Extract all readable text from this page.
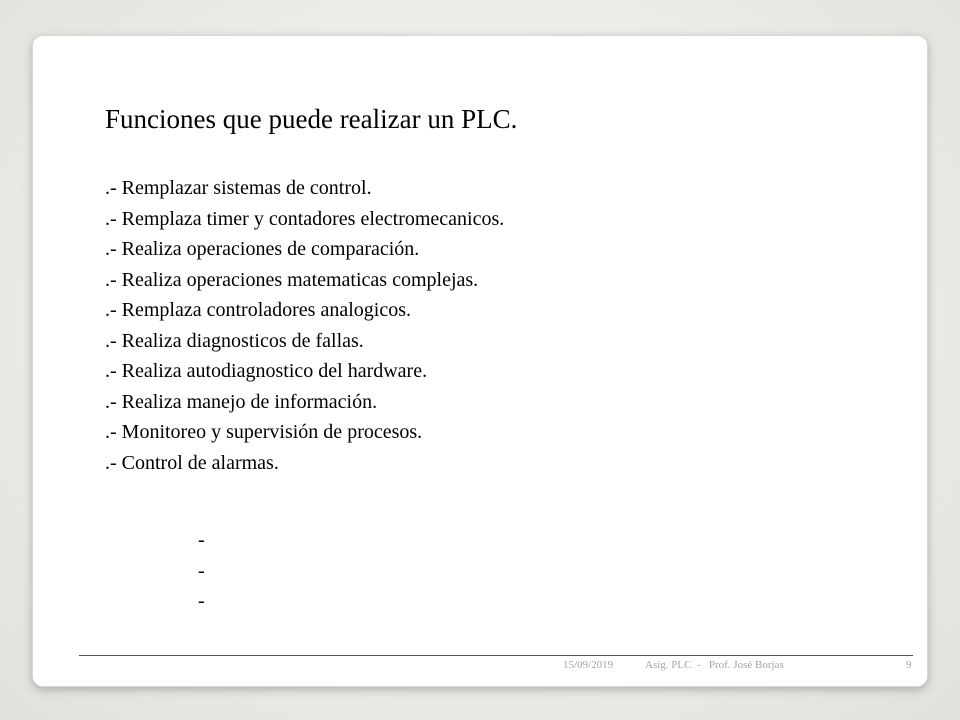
Funciones que puede realizar un PLC.
.- Remplazar sistemas de control.
.- Remplaza timer y contadores electromecanicos.
.- Realiza operaciones de comparación.
.- Realiza operaciones matematicas complejas.
.- Remplaza controladores analogicos.
.- Realiza diagnosticos de fallas.
.- Realiza autodiagnostico del hardware.
.- Realiza manejo de información.
.- Monitoreo y supervisión de procesos.
.- Control de alarmas.
-
-
-
15/09/2019	Asig. PLC  -   Prof. José Borjas	9
